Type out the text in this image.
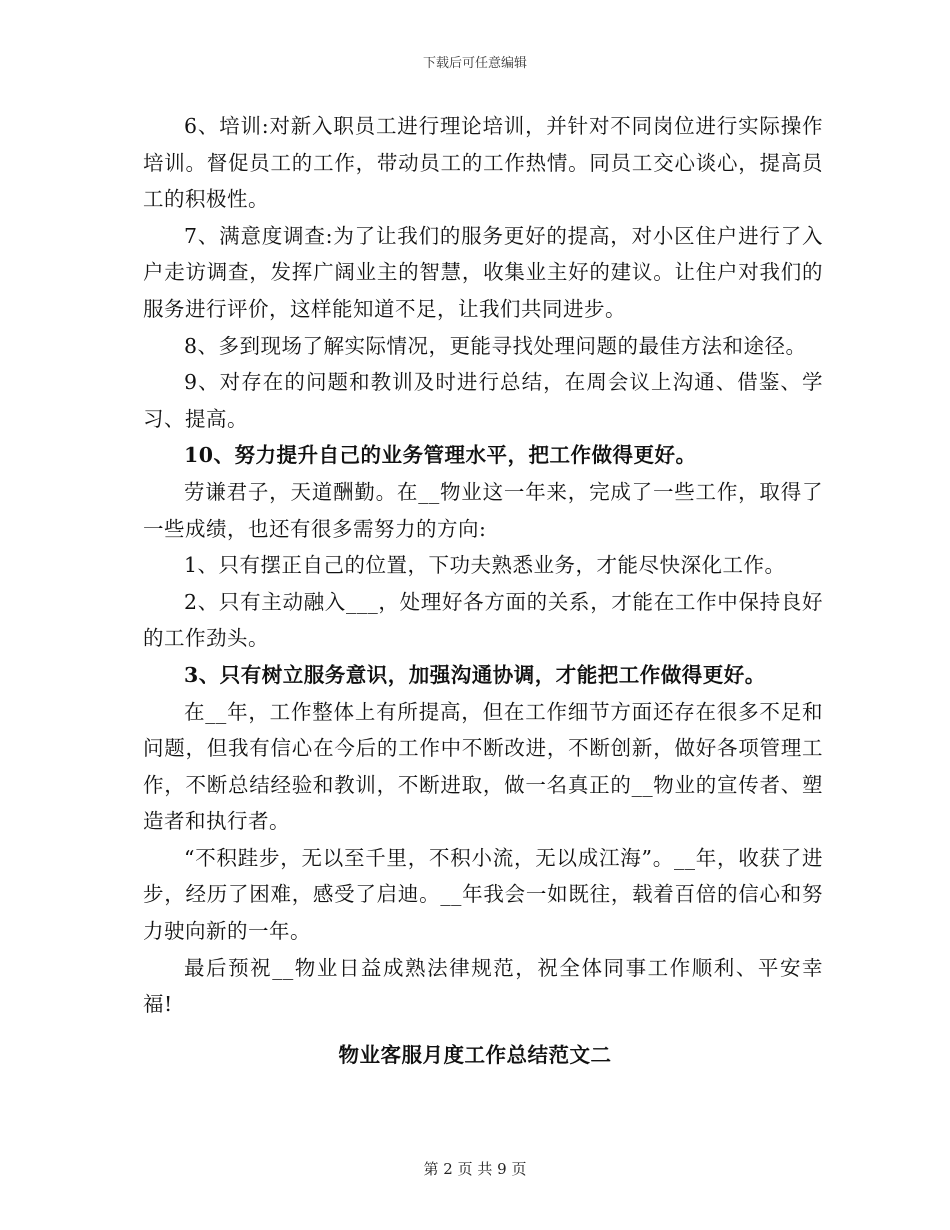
下载后可任意编辑

6、培训:对新入职员工进行理论培训，并针对不同岗位进行实际操作培训。督促员工的工作，带动员工的工作热情。同员工交心谈心，提高员工的积极性。

7、满意度调查:为了让我们的服务更好的提高，对小区住户进行了入户走访调查，发挥广阔业主的智慧，收集业主好的建议。让住户对我们的服务进行评价，这样能知道不足，让我们共同进步。

8、多到现场了解实际情况，更能寻找处理问题的最佳方法和途径。

9、对存在的问题和教训及时进行总结，在周会议上沟通、借鉴、学习、提高。

10、努力提升自己的业务管理水平，把工作做得更好。

劳谦君子，天道酬勤。在__物业这一年来，完成了一些工作，取得了一些成绩，也还有很多需努力的方向:

1、只有摆正自己的位置，下功夫熟悉业务，才能尽快深化工作。

2、只有主动融入___，处理好各方面的关系，才能在工作中保持良好的工作劲头。

3、只有树立服务意识，加强沟通协调，才能把工作做得更好。

在__年，工作整体上有所提高，但在工作细节方面还存在很多不足和问题，但我有信心在今后的工作中不断改进，不断创新，做好各项管理工作，不断总结经验和教训，不断进取，做一名真正的__物业的宣传者、塑造者和执行者。

“不积跬步，无以至千里，不积小流，无以成江海”。__年，收获了进步，经历了困难，感受了启迪。__年我会一如既往，载着百倍的信心和努力驶向新的一年。

最后预祝__物业日益成熟法律规范，祝全体同事工作顺利、平安幸福!

物业客服月度工作总结范文二
第 2 页 共 9 页
